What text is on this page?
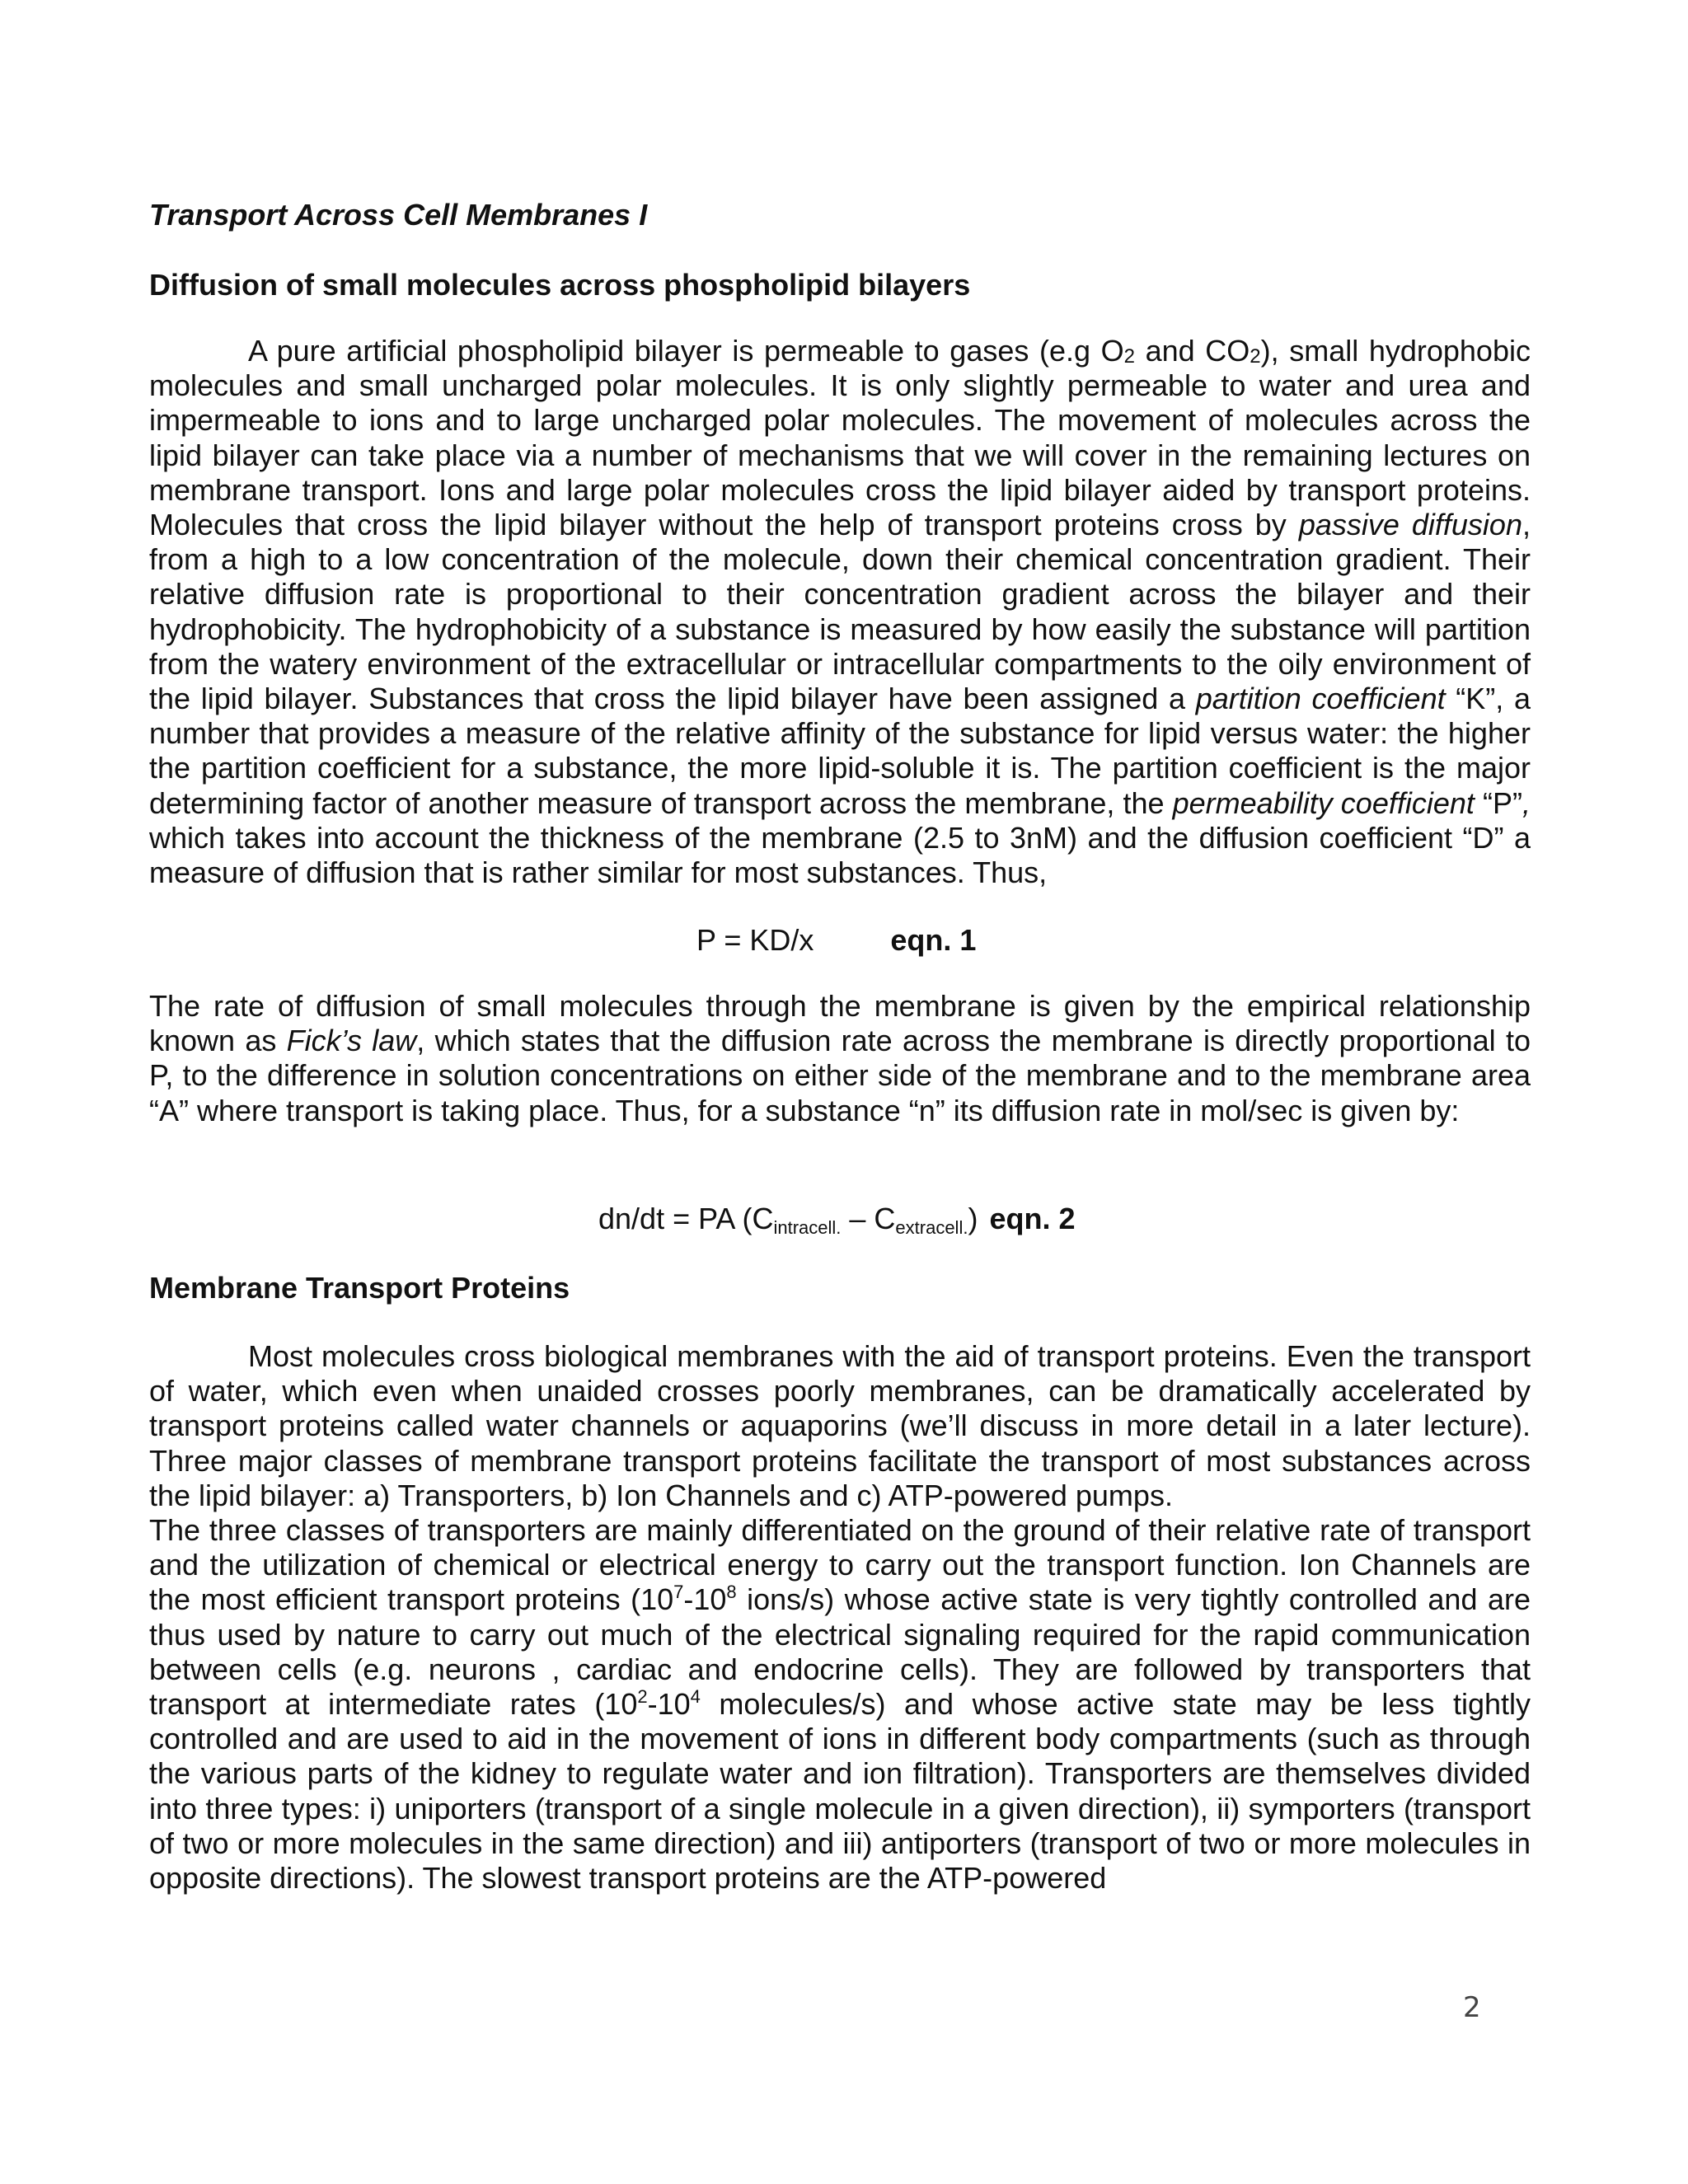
Transport Across Cell Membranes I

Diffusion of small molecules across phospholipid bilayers

A pure artificial phospholipid bilayer is permeable to gases (e.g $O_2$ and $CO_2$), small hydrophobic molecules and small uncharged polar molecules. It is only slightly permeable to water and urea and impermeable to ions and to large uncharged polar molecules. The movement of molecules across the lipid bilayer can take place via a number of mechanisms that we will cover in the remaining lectures on membrane transport. Ions and large polar molecules cross the lipid bilayer aided by transport proteins. Molecules that cross the lipid bilayer without the help of transport proteins cross by passive diffusion, from a high to a low concentration of the molecule, down their chemical concentration gradient. Their relative diffusion rate is proportional to their concentration gradient across the bilayer and their hydrophobicity. The hydrophobicity of a substance is measured by how easily the substance will partition from the watery environment of the extracellular or intracellular compartments to the oily environment of the lipid bilayer. Substances that cross the lipid bilayer have been assigned a partition coefficient “K”, a number that provides a measure of the relative affinity of the substance for lipid versus water: the higher the partition coefficient for a substance, the more lipid-soluble it is. The partition coefficient is the major determining factor of another measure of transport across the membrane, the permeability coefficient “P”, which takes into account the thickness of the membrane (2.5 to 3nM) and the diffusion coefficient “D” a measure of diffusion that is rather similar for most substances. Thus,

P = KD/x	eqn. 1

The rate of diffusion of small molecules through the membrane is given by the empirical relationship known as Fick’s law, which states that the diffusion rate across the membrane is directly proportional to P, to the difference in solution concentrations on either side of the membrane and to the membrane area “A” where transport is taking place. Thus, for a substance “n” its diffusion rate in mol/sec is given by:

dn/dt = PA $(C_{intracell.} - C_{extracell.})$ eqn. 2

Membrane Transport Proteins

Most molecules cross biological membranes with the aid of transport proteins. Even the transport of water, which even when unaided crosses poorly membranes, can be dramatically accelerated by transport proteins called water channels or aquaporins (we’ll discuss in more detail in a later lecture). Three major classes of membrane transport proteins facilitate the transport of most substances across the lipid bilayer: a) Transporters, b) Ion Channels and c) ATP-powered pumps.

The three classes of transporters are mainly differentiated on the ground of their relative rate of transport and the utilization of chemical or electrical energy to carry out the transport function. Ion Channels are the most efficient transport proteins ($10^7-10^8$ ions/s) whose active state is very tightly controlled and are thus used by nature to carry out much of the electrical signaling required for the rapid communication between cells (e.g. neurons , cardiac and endocrine cells). They are followed by transporters that transport at intermediate rates ($10^2-10^4$ molecules/s) and whose active state may be less tightly controlled and are used to aid in the movement of ions in different body compartments (such as through the various parts of the kidney to regulate water and ion filtration). Transporters are themselves divided into three types: i) uniporters (transport of a single molecule in a given direction), ii) symporters (transport of two or more molecules in the same direction) and iii) antiporters (transport of two or more molecules in opposite directions). The slowest transport proteins are the ATP-powered

2
